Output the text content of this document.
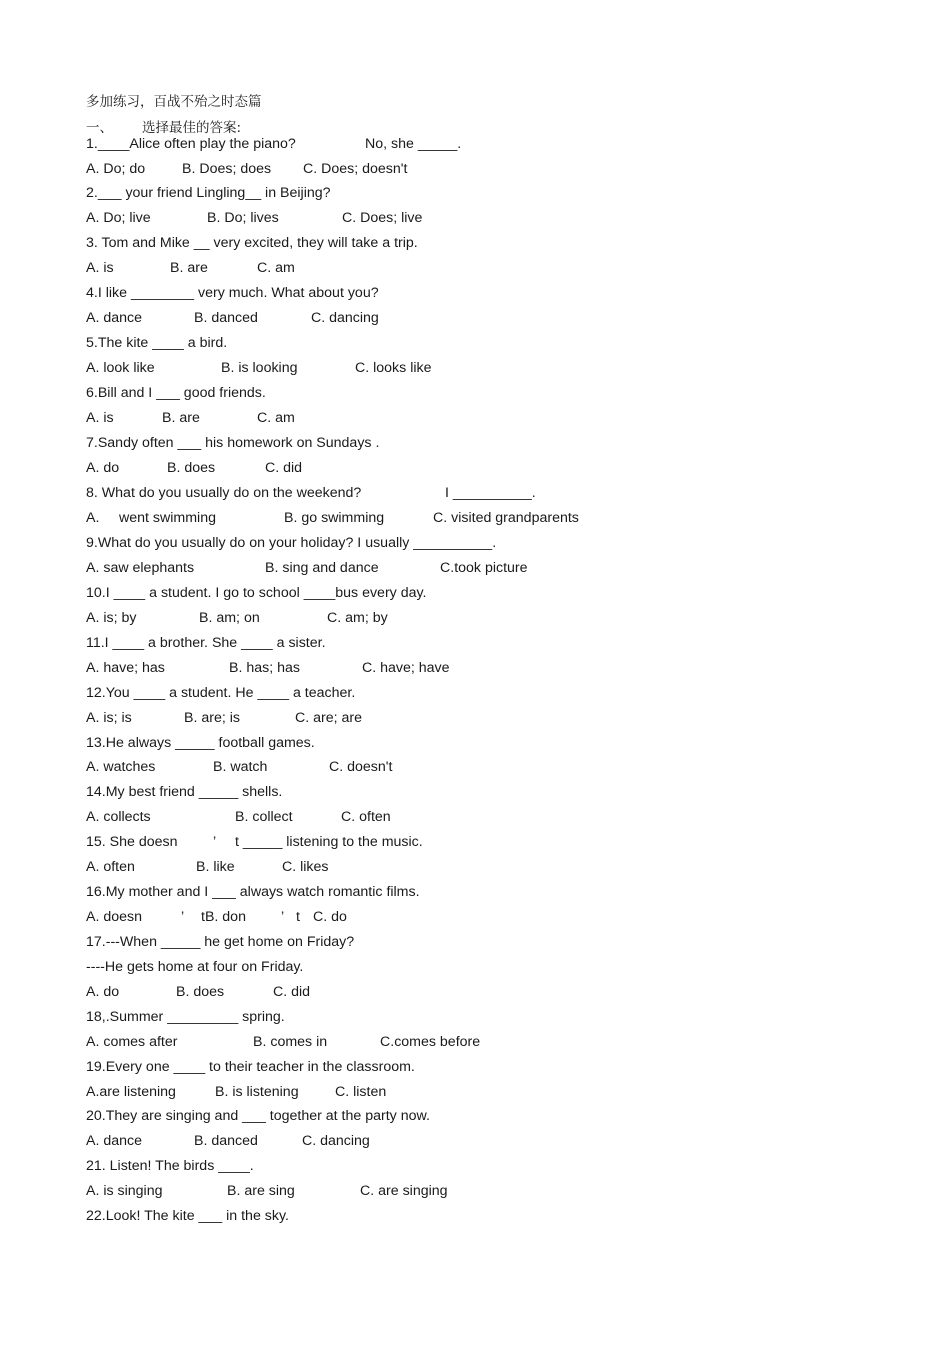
多加练习，百战不殆之时态篇
一、 选择最佳的答案:
1.____Alice often play the piano?	No, she _____.
A. Do; do	B. Does; does C. Does; doesn't
2.___ your friend Lingling__ in Beijing?
A. Do; live	B. Do; lives	C. Does; live
3. Tom and Mike __ very excited, they will take a trip.
A. is	B. are	C. am
4.I like ________ very much. What about you?
A. dance	B. danced	C. dancing
5.The kite ____ a bird.
A. look like	B. is looking	C. looks like
6.Bill and I ___ good friends.
A. is	B. are	C. am
7.Sandy often ___ his homework on Sundays .
A. do	B. does	C. did
8. What do you usually do on the weekend?	I __________.
A. went swimming	B. go swimming	C. visited grandparents
9.What do you usually do on your holiday? I usually __________.
A. saw elephants	B. sing and dance	C.took picture
10.I ____ a student. I go to school ____bus every day.
A. is; by	B. am; on	C. am; by
11.I ____ a brother. She ____ a sister.
A. have; has	B. has; has	C. have; have
12.You ____ a student. He ____ a teacher.
A. is; is	B. are; is	C. are; are
13.He always _____ football games.
A. watches	B. watch	C. doesn't
14.My best friend _____ shells.
A. collects	B. collect	C. often
15. She doesn ’ t _____ listening to the music.
A. often	B. like	C. likes
16.My mother and I ___ always watch romantic films.
A. doesn	’ tB. don ’ t C. do
17.---When _____ he get home on Friday?
----He gets home at four on Friday.
A. do	B. does	C. did
18,.Summer _________ spring.
A. comes after	B. comes in	C.comes before
19.Every one ____ to their teacher in the classroom.
A.are listening	B. is listening	C. listen
20.They are singing and ___ together at the party now.
A. dance	B. danced	C. dancing
21. Listen! The birds ____.
A. is singing	B. are sing	C. are singing
22.Look! The kite ___ in the sky.
